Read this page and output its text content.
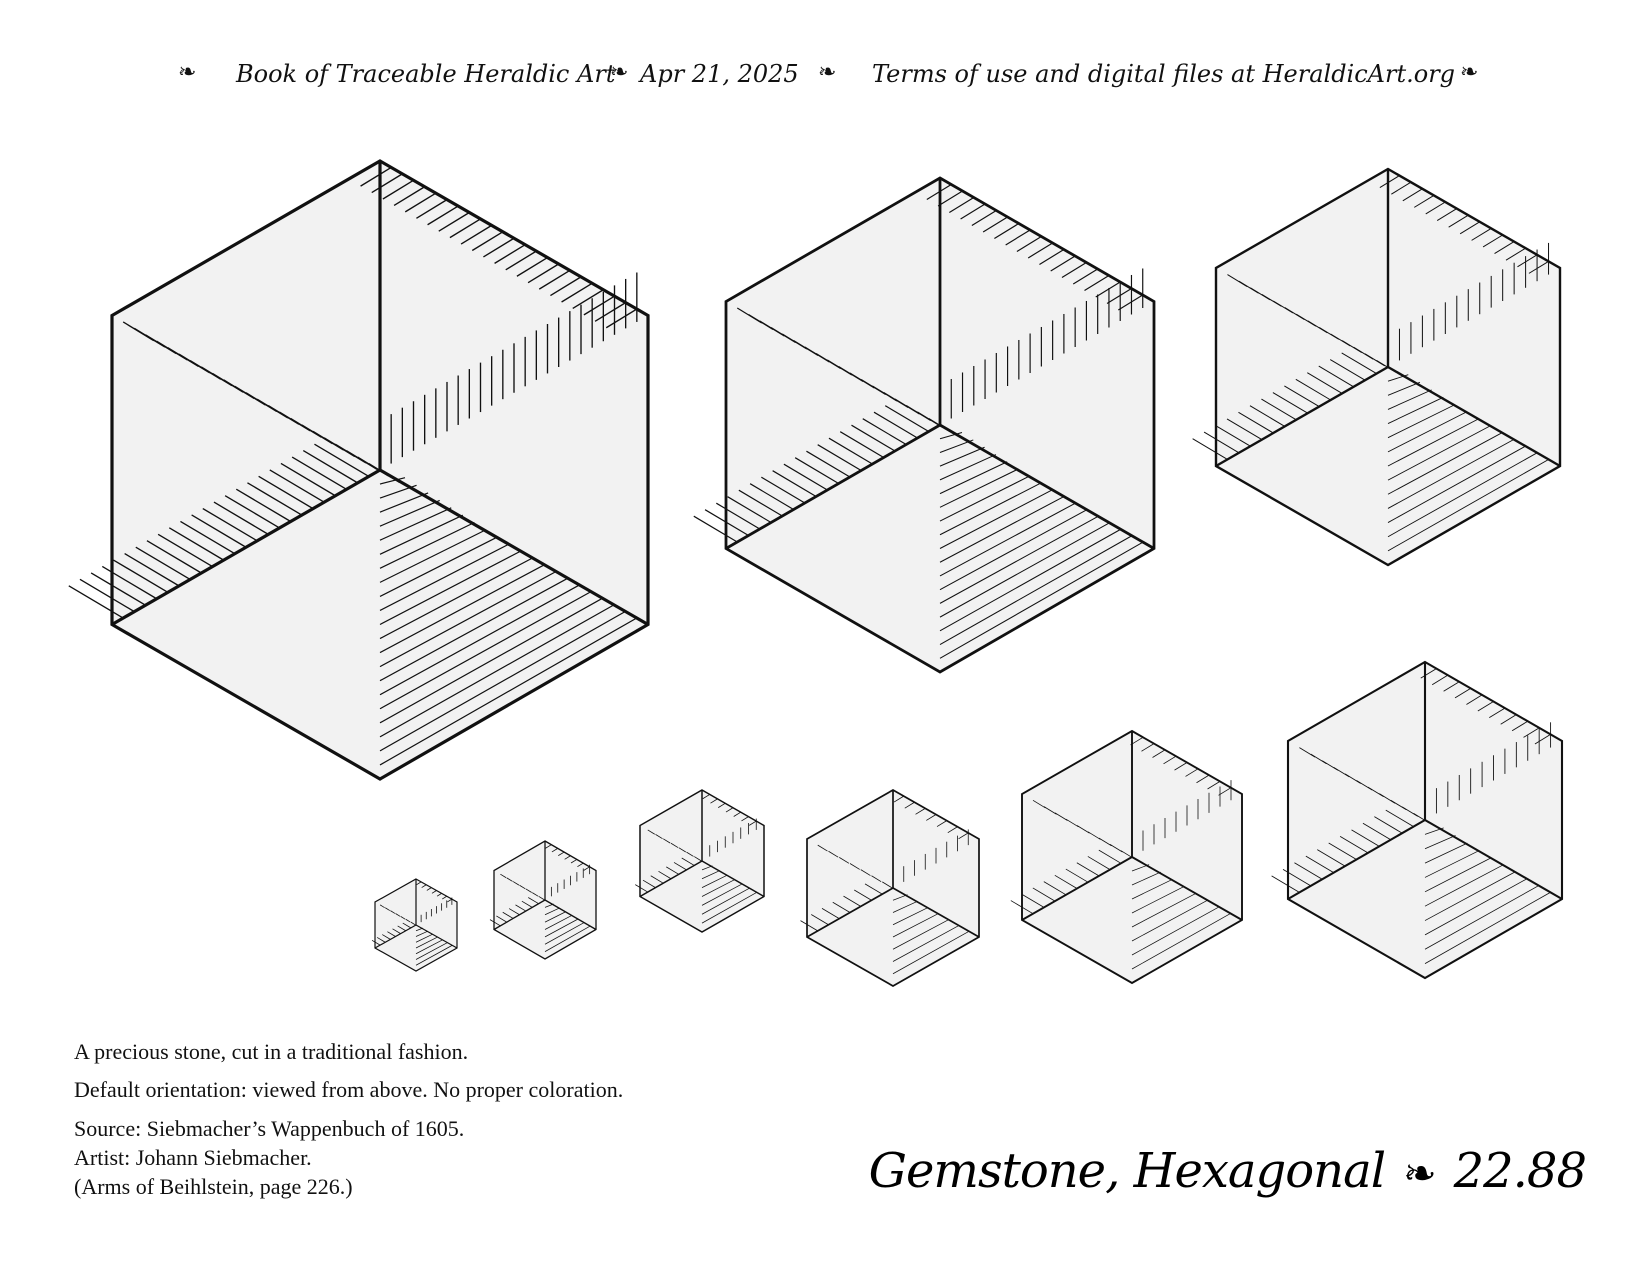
❧ Book of Traceable Heraldic Art
❧ Apr 21, 2025 ❧ Terms of use and digital files at HeraldicArt.org ❧

A precious stone, cut in a traditional fashion.

Default orientation: viewed from above. No proper coloration.

Source: Siebmacher’s Wappenbuch of 1605.
Artist: Johann Siebmacher.
(Arms of Beihlstein, page 226.)	Gemstone, Hexagonal ❧ 22.88
